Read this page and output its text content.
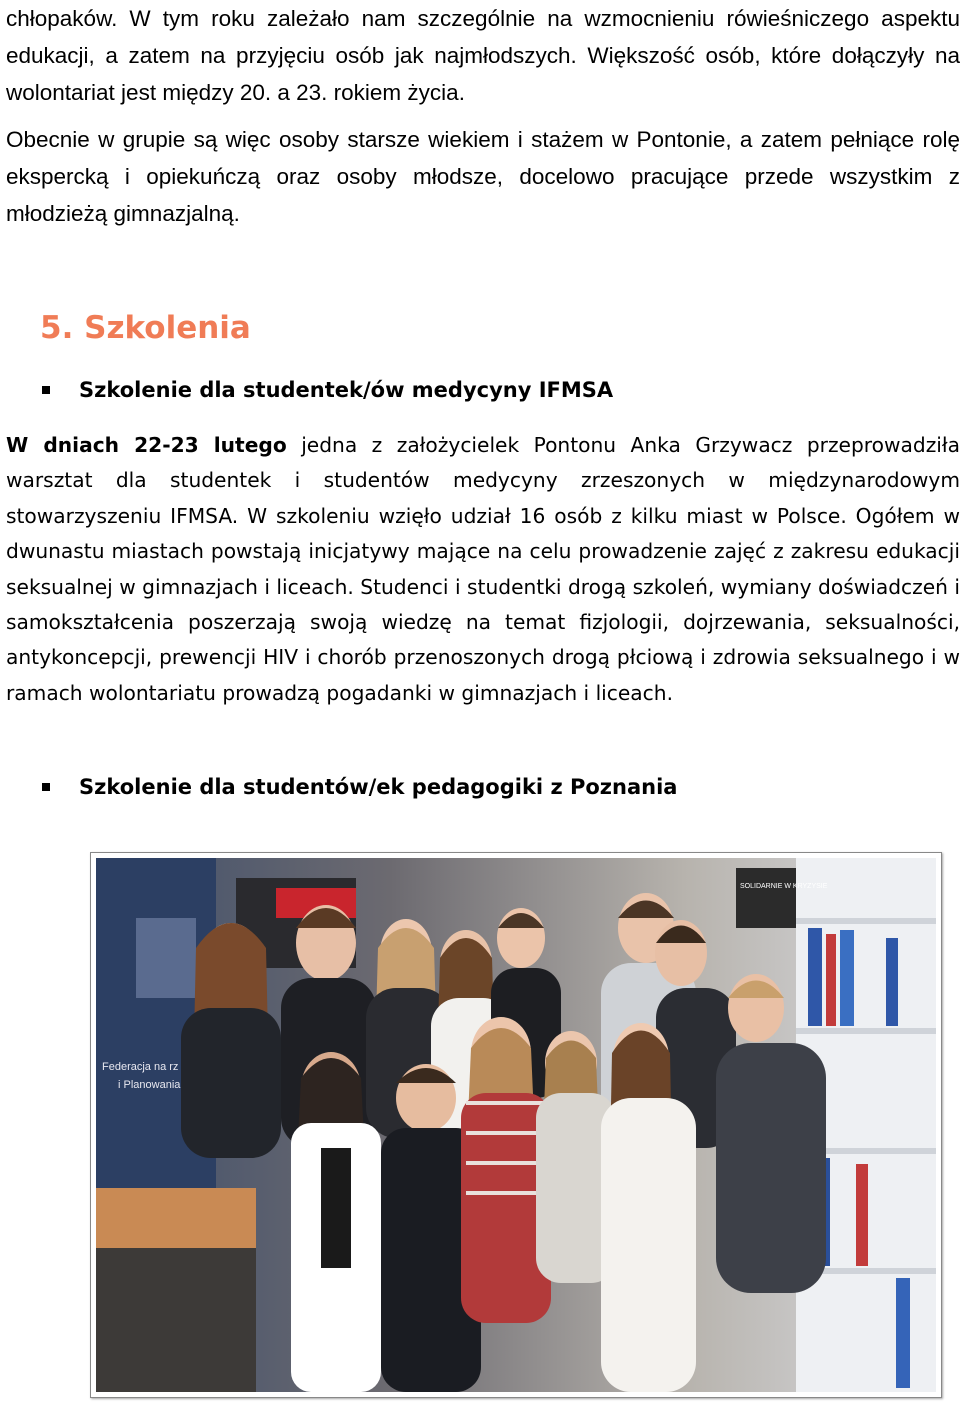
chłopaków. W tym roku zależało nam szczególnie na wzmocnieniu rówieśniczego aspektu edukacji, a zatem na przyjęciu osób jak najmłodszych. Większość osób, które dołączyły na wolontariat jest między 20. a 23. rokiem życia.

Obecnie w grupie są więc osoby starsze wiekiem i stażem w Pontonie, a zatem pełniące rolę ekspercką i opiekuńczą oraz osoby młodsze, docelowo pracujące przede wszystkim z młodzieżą gimnazjalną.

5. Szkolenia
Szkolenie dla studentek/ów medycyny IFMSA

W dniach 22-23 lutego jedna z założycielek Pontonu Anka Grzywacz przeprowadziła warsztat dla studentek i studentów medycyny zrzeszonych w międzynarodowym stowarzyszeniu IFMSA. W szkoleniu wzięło udział 16 osób z kilku miast w Polsce. Ogółem w dwunastu miastach powstają inicjatywy mające na celu prowadzenie zajęć z zakresu edukacji seksualnej w gimnazjach i liceach. Studenci i studentki drogą szkoleń, wymiany doświadczeń i samokształcenia poszerzają swoją wiedzę na temat fizjologii, dojrzewania, seksualności, antykoncepcji, prewencji HIV i chorób przenoszonych drogą płciową i zdrowia seksualnego i w ramach wolontariatu prowadzą pogadanki w gimnazjach i liceach.

Szkolenie dla studentów/ek pedagogiki z Poznania
Federacja na rz
i Planowania
SOLIDARNIE W KRYZYSIE
